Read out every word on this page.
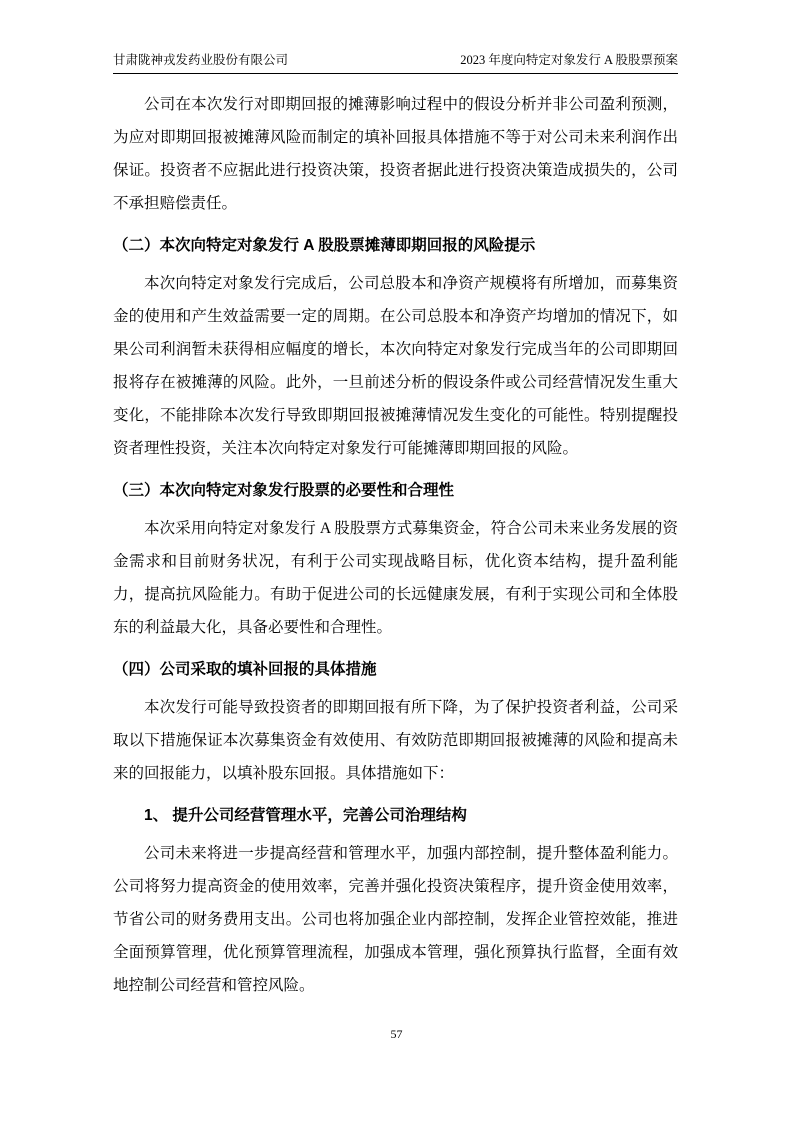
甘肃陇神戎发药业股份有限公司	2023 年度向特定对象发行 A 股股票预案

公司在本次发行对即期回报的摊薄影响过程中的假设分析并非公司盈利预测，为应对即期回报被摊薄风险而制定的填补回报具体措施不等于对公司未来利润作出保证。投资者不应据此进行投资决策，投资者据此进行投资决策造成损失的，公司不承担赔偿责任。

（二）本次向特定对象发行 A 股股票摊薄即期回报的风险提示

本次向特定对象发行完成后，公司总股本和净资产规模将有所增加，而募集资金的使用和产生效益需要一定的周期。在公司总股本和净资产均增加的情况下，如果公司利润暂未获得相应幅度的增长，本次向特定对象发行完成当年的公司即期回报将存在被摊薄的风险。此外，一旦前述分析的假设条件或公司经营情况发生重大变化，不能排除本次发行导致即期回报被摊薄情况发生变化的可能性。特别提醒投资者理性投资，关注本次向特定对象发行可能摊薄即期回报的风险。

（三）本次向特定对象发行股票的必要性和合理性

本次采用向特定对象发行 A 股股票方式募集资金，符合公司未来业务发展的资金需求和目前财务状况，有利于公司实现战略目标，优化资本结构，提升盈利能力，提高抗风险能力。有助于促进公司的长远健康发展，有利于实现公司和全体股东的利益最大化，具备必要性和合理性。

（四）公司采取的填补回报的具体措施

本次发行可能导致投资者的即期回报有所下降，为了保护投资者利益，公司采取以下措施保证本次募集资金有效使用、有效防范即期回报被摊薄的风险和提高未来的回报能力，以填补股东回报。具体措施如下：

1、 提升公司经营管理水平，完善公司治理结构

公司未来将进一步提高经营和管理水平，加强内部控制，提升整体盈利能力。公司将努力提高资金的使用效率，完善并强化投资决策程序，提升资金使用效率，节省公司的财务费用支出。公司也将加强企业内部控制，发挥企业管控效能，推进全面预算管理，优化预算管理流程，加强成本管理，强化预算执行监督，全面有效地控制公司经营和管控风险。

57
